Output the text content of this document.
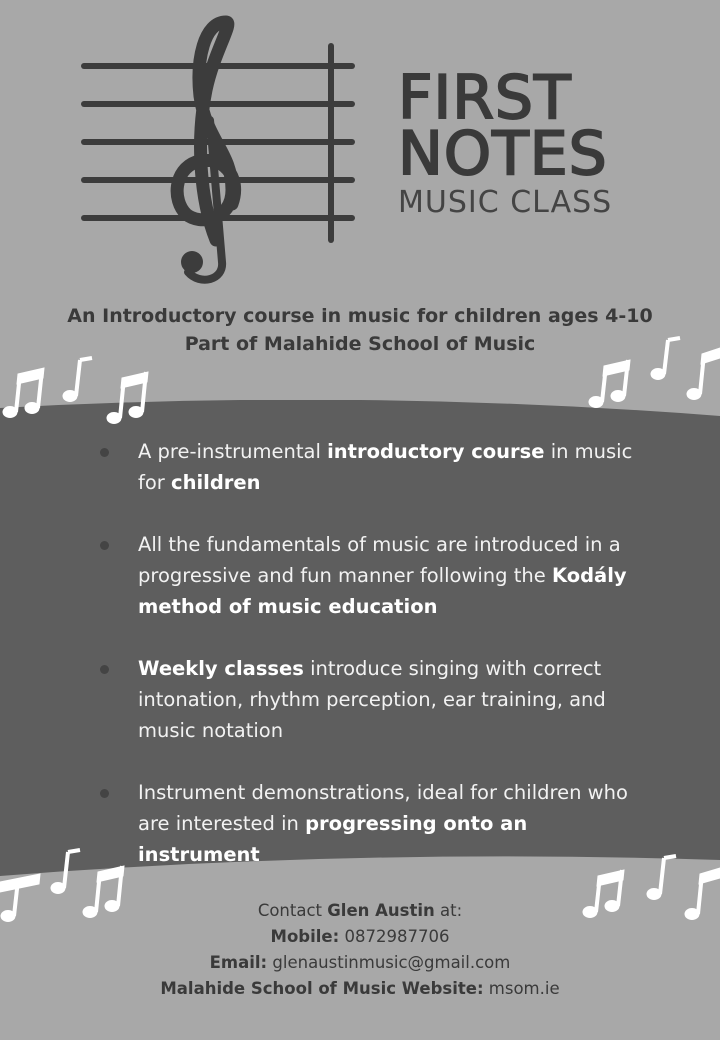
FIRST
NOTES
MUSIC CLASS
An Introductory course in music for children ages 4-10
Part of Malahide School of Music
A pre-instrumental introductory course in music for children
All the fundamentals of music are introduced in a progressive and fun manner following the Kodály method of music education
Weekly classes introduce singing with correct intonation, rhythm perception, ear training, and music notation
Instrument demonstrations, ideal for children who are interested in progressing onto an instrument
Contact Glen Austin at:
Mobile: 0872987706
Email: glenaustinmusic@gmail.com
Malahide School of Music Website: msom.ie
